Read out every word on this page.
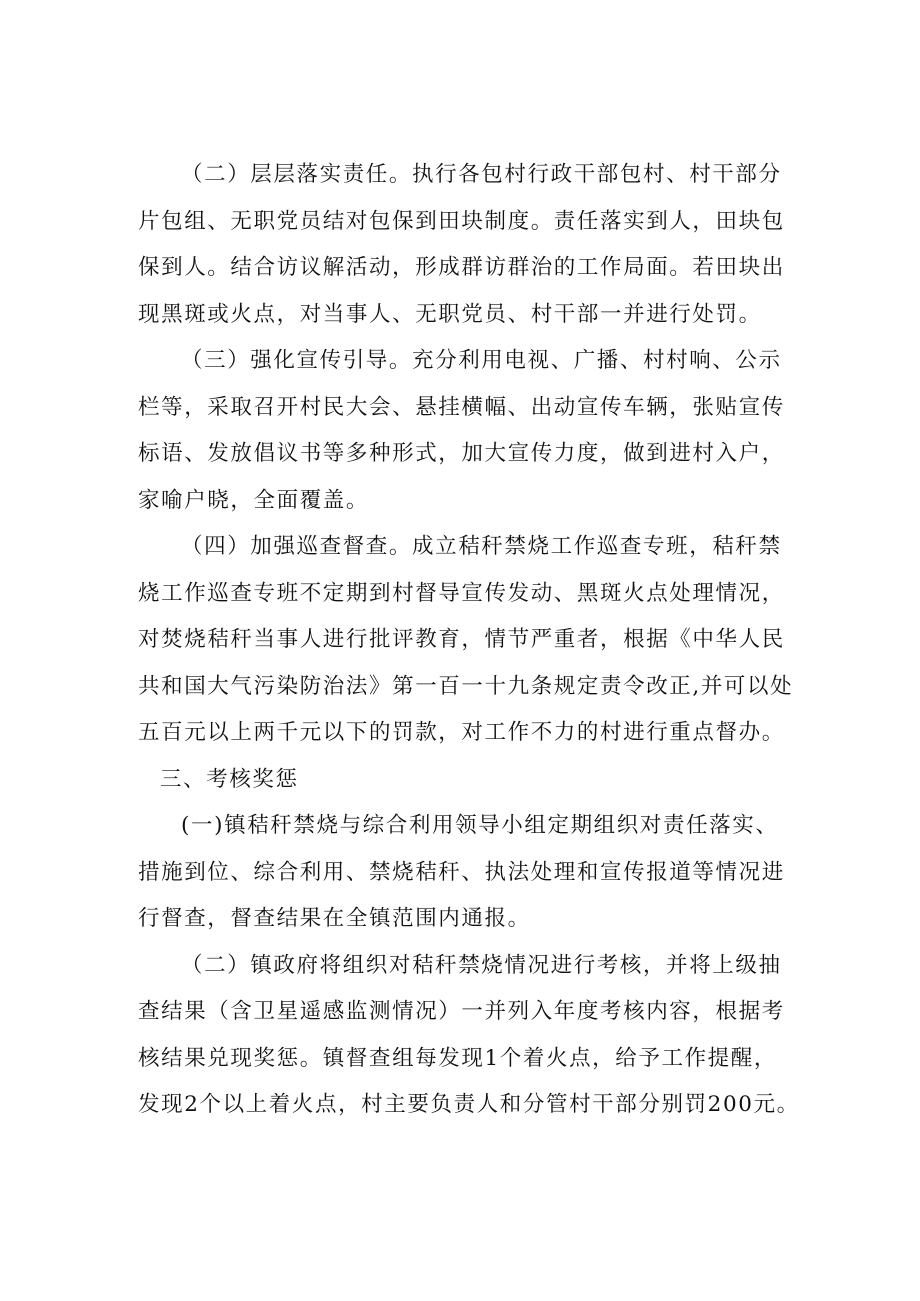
（二）层层落实责任。执行各包村行政干部包村、村干部分
片包组、无职党员结对包保到田块制度。责任落实到人，田块包
保到人。结合访议解活动，形成群访群治的工作局面。若田块出
现黑斑或火点，对当事人、无职党员、村干部一并进行处罚。

（三）强化宣传引导。充分利用电视、广播、村村响、公示
栏等，采取召开村民大会、悬挂横幅、出动宣传车辆，张贴宣传
标语、发放倡议书等多种形式，加大宣传力度，做到进村入户，
家喻户晓，全面覆盖。

（四）加强巡查督查。成立秸秆禁烧工作巡查专班，秸秆禁
烧工作巡查专班不定期到村督导宣传发动、黑斑火点处理情况，
对焚烧秸秆当事人进行批评教育，情节严重者，根据《中华人民
共和国大气污染防治法》第一百一十九条规定责令改正,并可以处
五百元以上两千元以下的罚款，对工作不力的村进行重点督办。

三、考核奖惩

(一)镇秸秆禁烧与综合利用领导小组定期组织对责任落实、
措施到位、综合利用、禁烧秸秆、执法处理和宣传报道等情况进
行督查，督查结果在全镇范围内通报。

（二）镇政府将组织对秸秆禁烧情况进行考核，并将上级抽
查结果（含卫星遥感监测情况）一并列入年度考核内容，根据考
核结果兑现奖惩。镇督查组每发现1个着火点，给予工作提醒，
发现2个以上着火点，村主要负责人和分管村干部分别罚200元。
